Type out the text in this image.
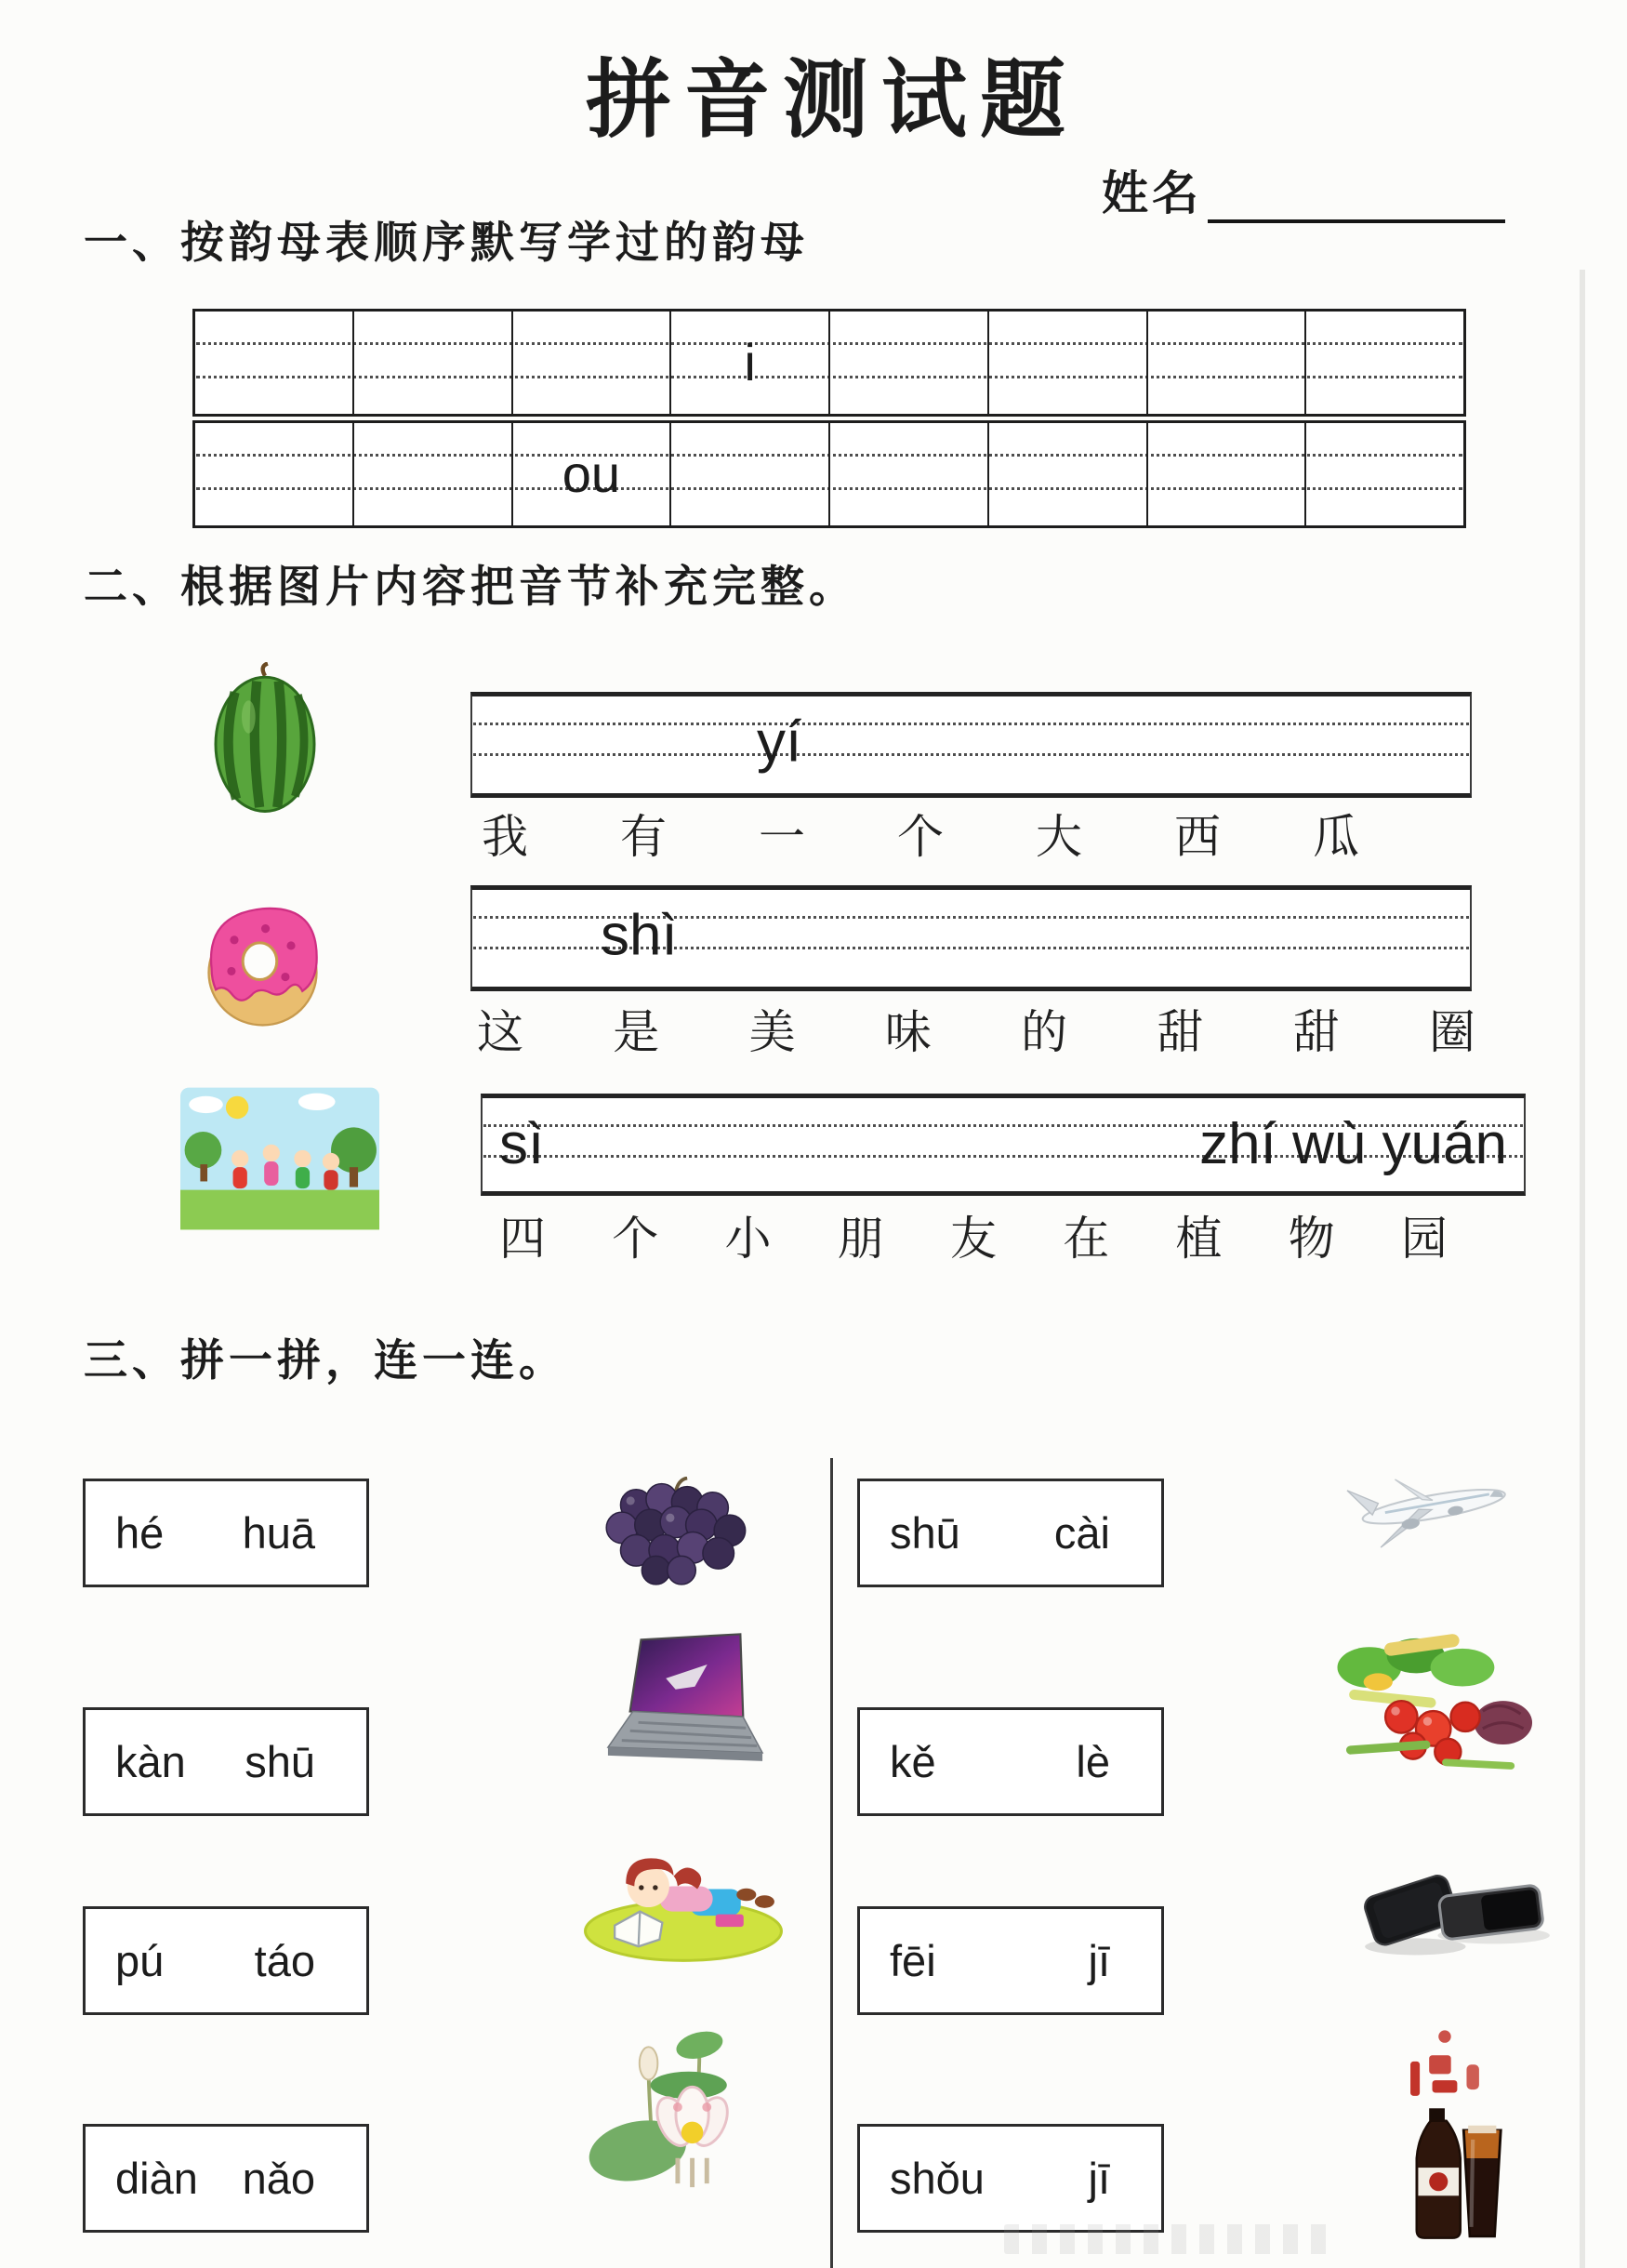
拼音测试题
姓名
一、按韵母表顺序默写学过的韵母
i
ou
二、根据图片内容把音节补充完整。
yí
我 有 一 个 大 西 瓜
shì
这 是 美 味 的 甜 甜 圈
sì	zhí wù yuán
四 个 小 朋 友 在 植 物 园
三、拼一拼，连一连。
hé huā
kàn shū
pú táo
diàn nǎo
shū cài
kě	lè
fēi	jī
shǒu jī
